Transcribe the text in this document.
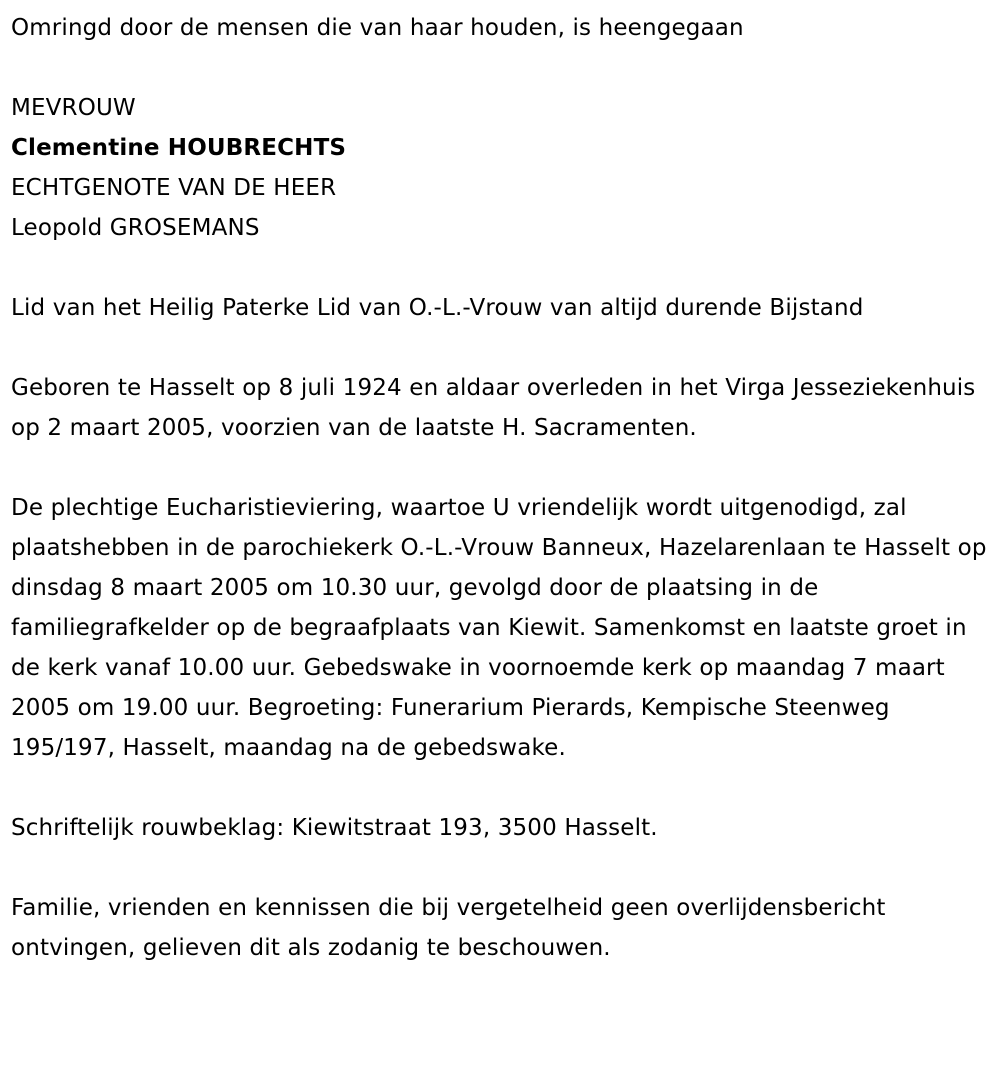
Omringd door de mensen die van haar houden, is heengegaan

MEVROUW

Clementine HOUBRECHTS

ECHTGENOTE VAN DE HEER

Leopold GROSEMANS

Lid van het Heilig Paterke Lid van O.-L.-Vrouw van altijd durende Bijstand

Geboren te Hasselt op 8 juli 1924 en aldaar overleden in het Virga Jesseziekenhuis op 2 maart 2005, voorzien van de laatste H. Sacramenten.

De plechtige Eucharistieviering, waartoe U vriendelijk wordt uitgenodigd, zal plaatshebben in de parochiekerk O.-L.-Vrouw Banneux, Hazelarenlaan te Hasselt op dinsdag 8 maart 2005 om 10.30 uur, gevolgd door de plaatsing in de familiegrafkelder op de begraafplaats van Kiewit. Samenkomst en laatste groet in de kerk vanaf 10.00 uur. Gebedswake in voornoemde kerk op maandag 7 maart 2005 om 19.00 uur. Begroeting: Funerarium Pierards, Kempische Steenweg 195/197, Hasselt, maandag na de gebedswake.

Schriftelijk rouwbeklag: Kiewitstraat 193, 3500 Hasselt.

Familie, vrienden en kennissen die bij vergetelheid geen overlijdensbericht ontvingen, gelieven dit als zodanig te beschouwen.
